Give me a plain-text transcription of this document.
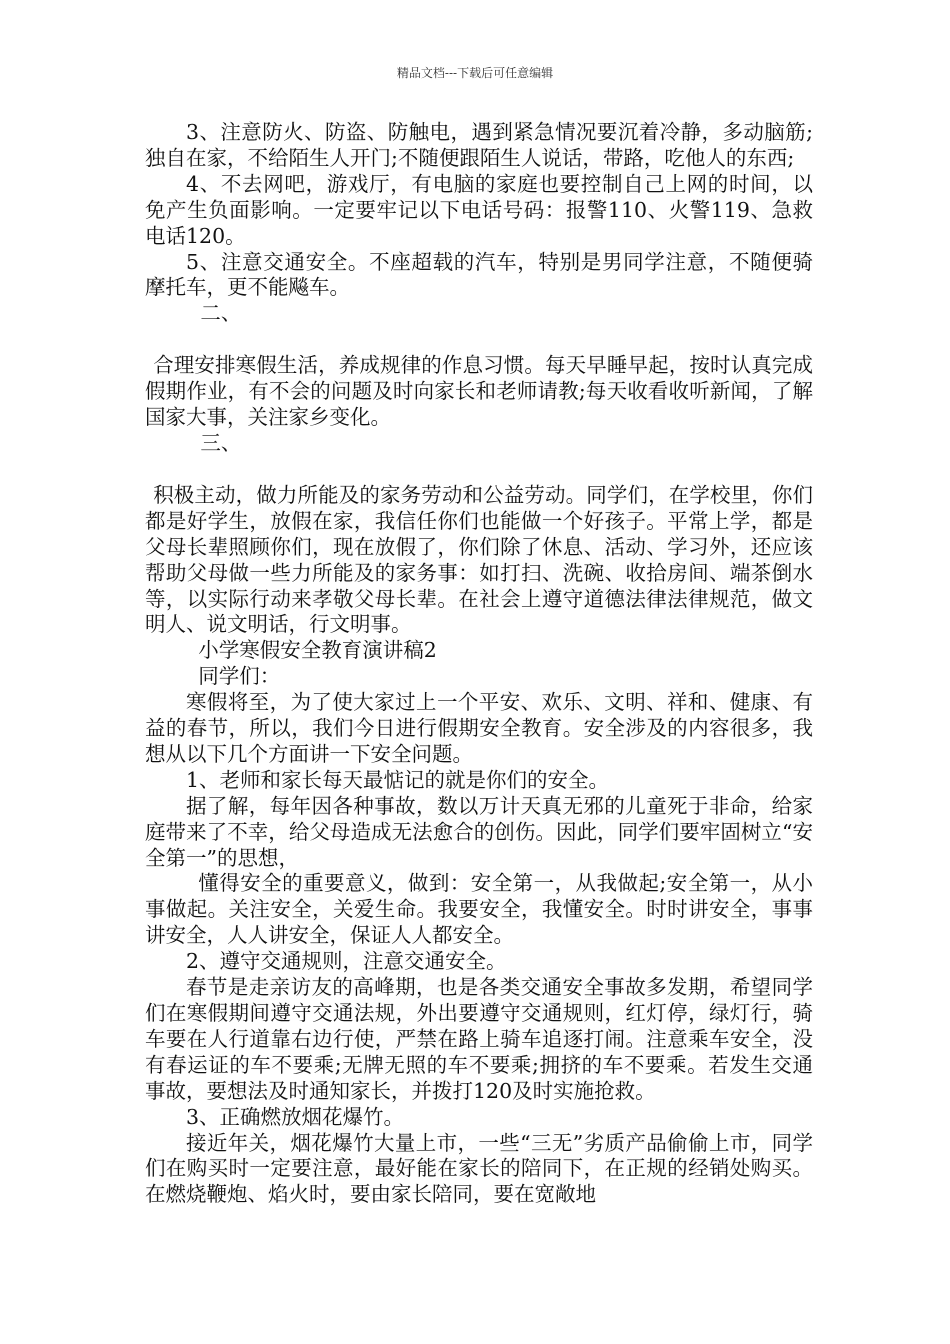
精品文档---下载后可任意编辑

3、注意防火、防盗、防触电，遇到紧急情况要沉着冷静，多动脑筋;独自在家，不给陌生人开门;不随便跟陌生人说话，带路，吃他人的东西;

4、不去网吧，游戏厅，有电脑的家庭也要控制自己上网的时间，以免产生负面影响。一定要牢记以下电话号码：报警110、火警119、急救电话120。

5、注意交通安全。不座超载的汽车，特别是男同学注意，不随便骑摩托车，更不能飚车。

二、

合理安排寒假生活，养成规律的作息习惯。每天早睡早起，按时认真完成假期作业，有不会的问题及时向家长和老师请教;每天收看收听新闻，了解国家大事，关注家乡变化。

三、

积极主动，做力所能及的家务劳动和公益劳动。同学们，在学校里，你们都是好学生，放假在家，我信任你们也能做一个好孩子。平常上学，都是父母长辈照顾你们，现在放假了，你们除了休息、活动、学习外，还应该帮助父母做一些力所能及的家务事：如打扫、洗碗、收拾房间、端茶倒水等，以实际行动来孝敬父母长辈。在社会上遵守道德法律法律规范，做文明人、说文明话，行文明事。

小学寒假安全教育演讲稿2

同学们：

寒假将至，为了使大家过上一个平安、欢乐、文明、祥和、健康、有益的春节，所以，我们今日进行假期安全教育。安全涉及的内容很多，我想从以下几个方面讲一下安全问题。

1、老师和家长每天最惦记的就是你们的安全。

据了解，每年因各种事故，数以万计天真无邪的儿童死于非命，给家庭带来了不幸，给父母造成无法愈合的创伤。因此，同学们要牢固树立“安全第一”的思想，

懂得安全的重要意义，做到：安全第一，从我做起;安全第一，从小事做起。关注安全，关爱生命。我要安全，我懂安全。时时讲安全，事事讲安全，人人讲安全，保证人人都安全。

2、遵守交通规则，注意交通安全。

春节是走亲访友的高峰期，也是各类交通安全事故多发期，希望同学们在寒假期间遵守交通法规，外出要遵守交通规则，红灯停，绿灯行，骑车要在人行道靠右边行使，严禁在路上骑车追逐打闹。注意乘车安全，没有春运证的车不要乘;无牌无照的车不要乘;拥挤的车不要乘。若发生交通事故，要想法及时通知家长，并拨打120及时实施抢救。

3、正确燃放烟花爆竹。

接近年关，烟花爆竹大量上市，一些“三无”劣质产品偷偷上市，同学们在购买时一定要注意，最好能在家长的陪同下，在正规的经销处购买。在燃烧鞭炮、焰火时，要由家长陪同，要在宽敞地
